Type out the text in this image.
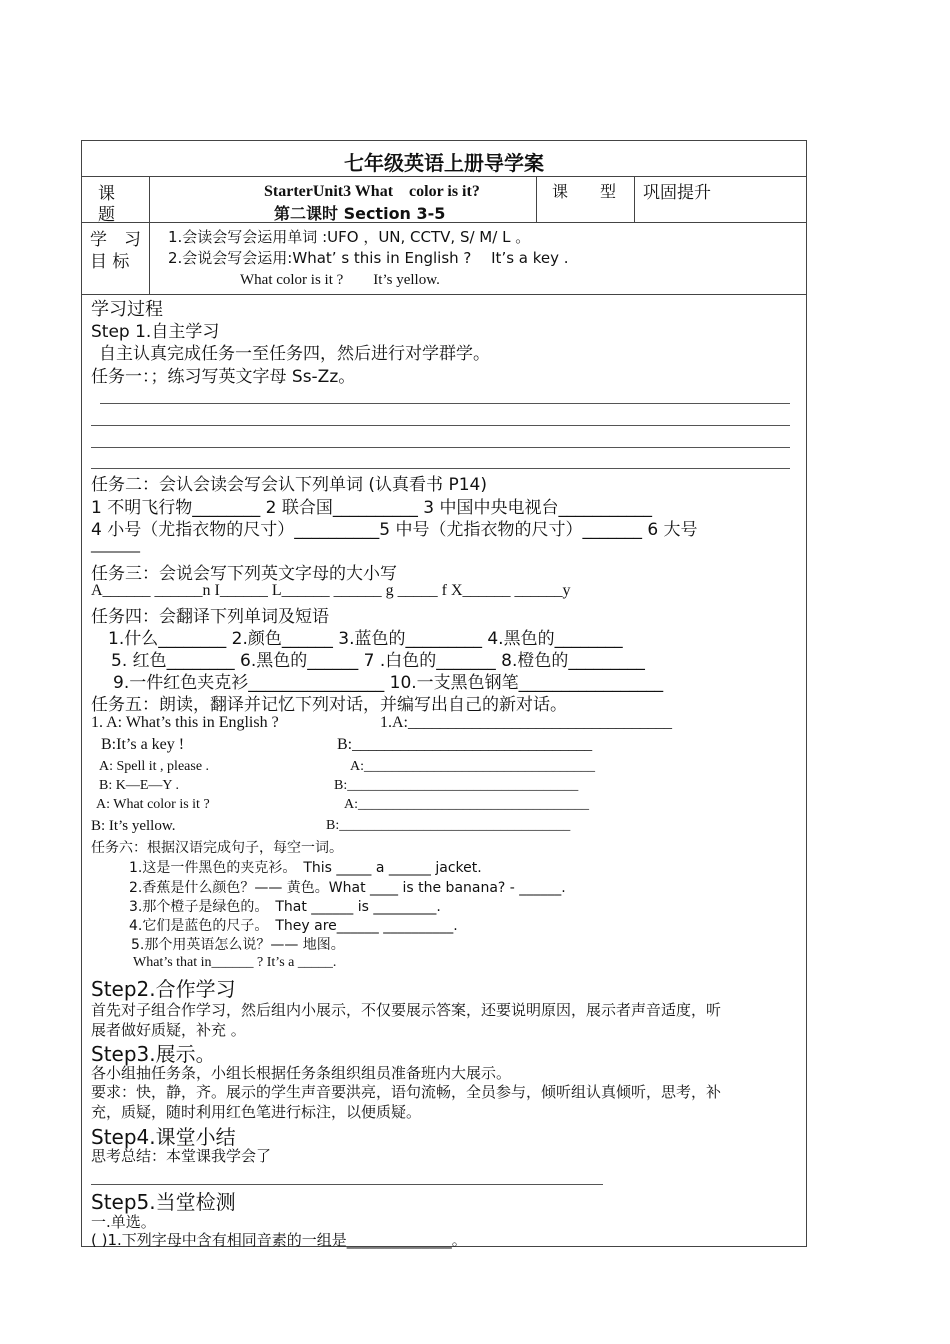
七年级英语上册导学案
课
题
StarterUnit3 What　color is it?
第二课时 Section 3-5
课　　型 巩固提升
学　习
目 标
1.会读会写会运用单词 :UFO ，UN, CCTV, S/ M/ L 。
2.会说会写会运用:What’ s this in English ?　 It’s a key .
What color is it ?　　It’s yellow.
学习过程
Step 1.自主学习
自主认真完成任务一至任务四，然后进行对学群学。
任务一：；练习写英文字母 Ss-Zz。
任务二：会认会读会写会认下列单词 (认真看书 P14)
1 不明飞行物________ 2 联合国__________ 3 中国中央电视台___________
4 小号（尤指衣物的尺寸）__________5 中号（尤指衣物的尺寸）_______ 6 大号
_______
任务三：会说会写下列英文字母的大小写
A______ ______n I______ L______ ______ g _____ f X______ ______y
任务四：会翻译下列单词及短语
1.什么________ 2.颜色______ 3.蓝色的_________ 4.黑色的________
5. 红色________ 6.黑色的______ 7 .白色的_______ 8.橙色的_________
9.一件红色夹克衫________________ 10.一支黑色钢笔_________________
任务五：朗读，翻译并记忆下列对话，并编写出自己的新对话。
1. A: What’s this in English ?
B:It’s a key !
A: Spell it , please .
B: K—E—Y .
A: What color is it ?
B: It’s yellow.
1.A:_________________________________
B:______________________________
A:_________________________________
B:_________________________________
A:_________________________________
B:_________________________________
任务六：根据汉语完成句子，每空一词。
1.这是一件黑色的夹克衫。　This _____ a ______ jacket.
2.香蕉是什么颜色？—— 黄色。What ____ is the banana? - ______.
3.那个橙子是绿色的。　That ______ is _________.
4.它们是蓝色的尺子。　They are______ __________.
5.那个用英语怎么说？—— 地图。
What’s that in______ ? It’s a _____.
Step2.合作学习
首先对子组合作学习，然后组内小展示，不仅要展示答案，还要说明原因，展示者声音适度，听
展者做好质疑，补充 。
Step3.展示。
各小组抽任务条，小组长根据任务条组织组员准备班内大展示。
要求：快，静，齐。展示的学生声音要洪亮，语句流畅，全员参与，倾听组认真倾听，思考，补
充，质疑，随时利用红色笔进行标注，以便质疑。
Step4.课堂小结
思考总结：本堂课我学会了
Step5.当堂检测
一.单选。
( )1.下列字母中含有相同音素的一组是______________。
